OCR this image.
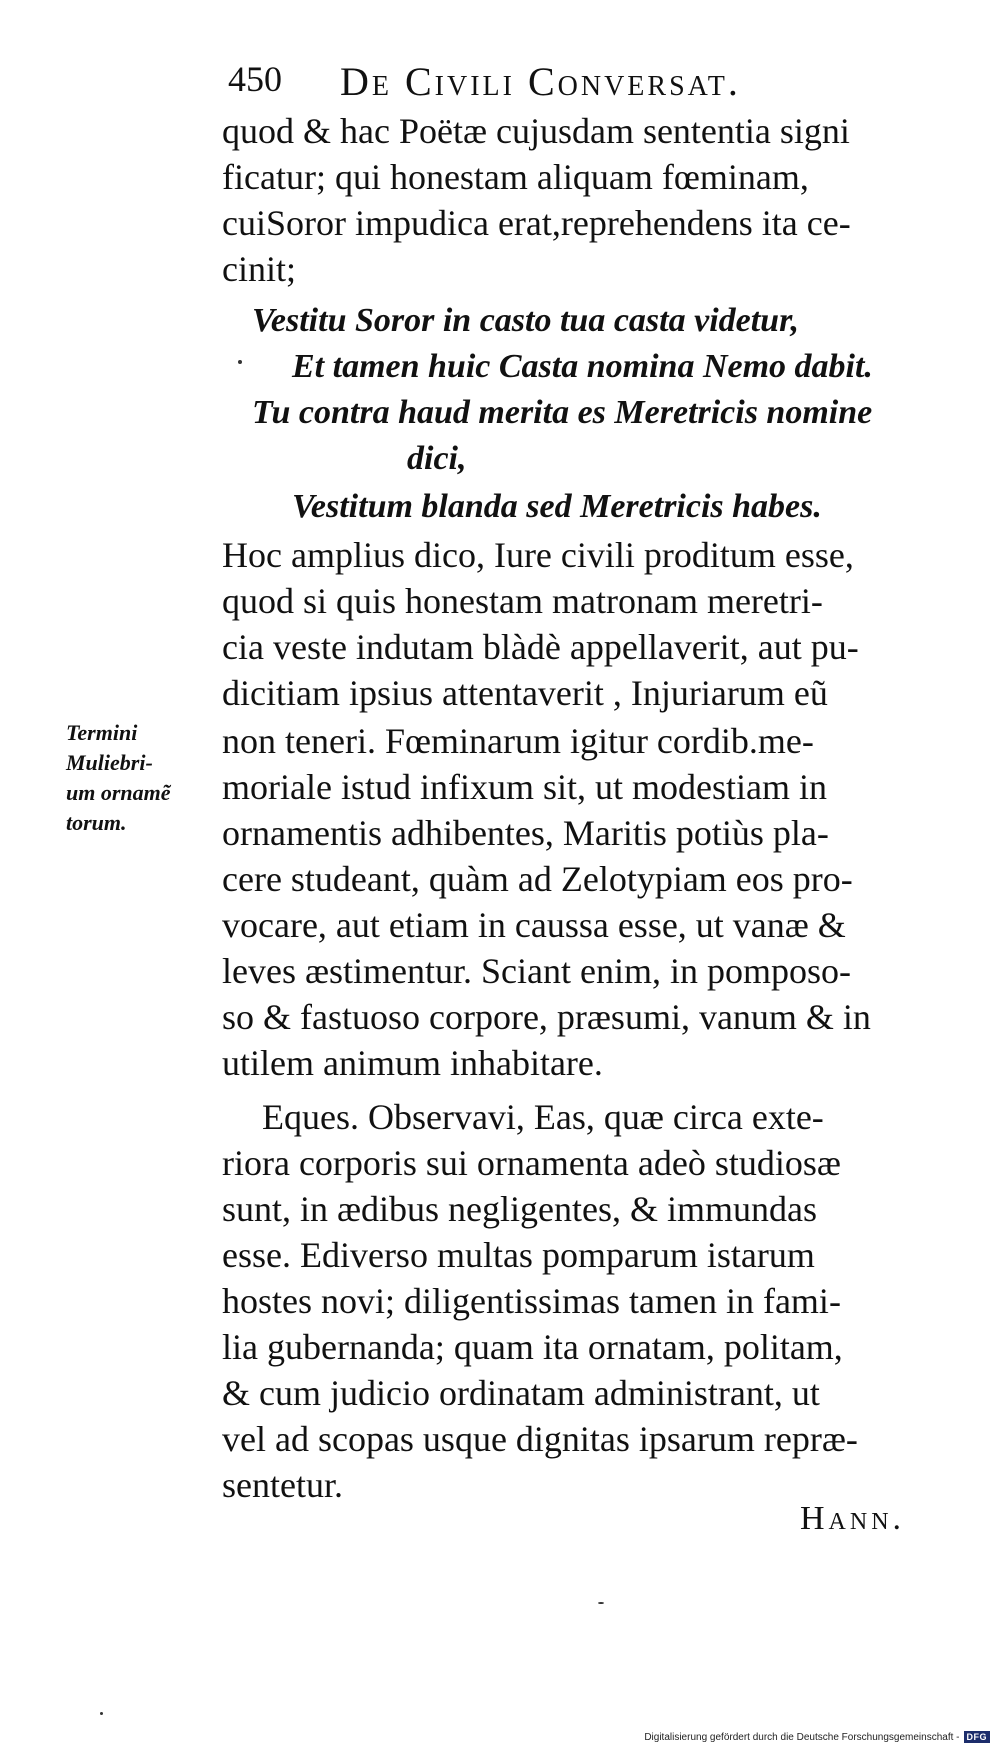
450 De Civili Conversat.
quod & hac Poëtæ cujusdam sententia signi
ficatur; qui honestam aliquam fœminam,
cuiSoror impudica erat,reprehendens ita ce-
cinit;
Vestitu Soror in casto tua casta videtur,
Et tamen huic Casta nomina Nemo dabit.
Tu contra haud merita es Meretricis nomine
dici,
Vestitum blanda sed Meretricis habes.
Hoc amplius dico, Iure civili proditum esse,
quod si quis honestam matronam meretri-
cia veste indutam blàdè appellaverit, aut pu-
dicitiam ipsius attentaverit , Injuriarum eũ
non teneri. Fœminarum igitur cordib.me-
moriale istud infixum sit, ut modestiam in
ornamentis adhibentes, Maritis potiùs pla-
cere studeant, quàm ad Zelotypiam eos pro-
vocare, aut etiam in caussa esse, ut vanæ &
leves æstimentur. Sciant enim, in pomposo-
so & fastuoso corpore, præsumi, vanum & in
utilem animum inhabitare.
Eques. Observavi, Eas, quæ circa exte-
riora corporis sui ornamenta adeò studiosæ
sunt, in ædibus negligentes, & immundas
esse. Ediverso multas pomparum istarum
hostes novi; diligentissimas tamen in fami-
lia gubernanda; quam ita ornatam, politam,
& cum judicio ordinatam administrant, ut
vel ad scopas usque dignitas ipsarum repræ-
sentetur.
Termini
Muliebri-
um ornamẽ
torum.
Hann.
Digitalisierung gefördert durch die Deutsche Forschungsgemeinschaft - DFG
